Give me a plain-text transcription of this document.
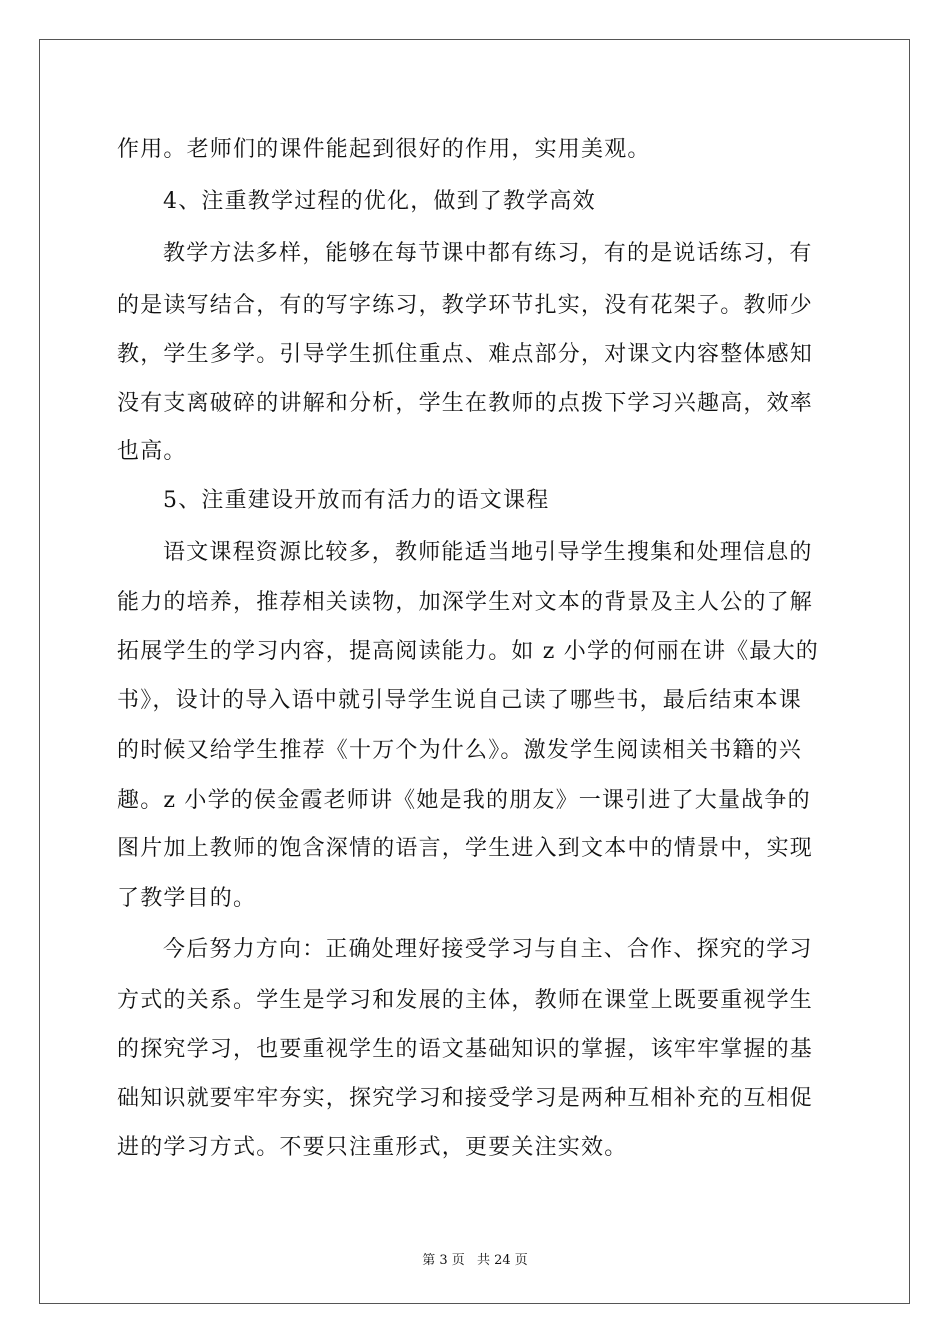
作用。老师们的课件能起到很好的作用，实用美观。
4、注重教学过程的优化，做到了教学高效
教学方法多样，能够在每节课中都有练习，有的是说话练习，有
的是读写结合，有的写字练习，教学环节扎实，没有花架子。教师少
教，学生多学。引导学生抓住重点、难点部分，对课文内容整体感知
没有支离破碎的讲解和分析，学生在教师的点拨下学习兴趣高，效率
也高。
5、注重建设开放而有活力的语文课程
语文课程资源比较多，教师能适当地引导学生搜集和处理信息的
能力的培养，推荐相关读物，加深学生对文本的背景及主人公的了解
拓展学生的学习内容，提高阅读能力。如 z 小学的何丽在讲《最大的
书》，设计的导入语中就引导学生说自己读了哪些书，最后结束本课
的时候又给学生推荐《十万个为什么》。激发学生阅读相关书籍的兴
趣。z 小学的侯金霞老师讲《她是我的朋友》一课引进了大量战争的
图片加上教师的饱含深情的语言，学生进入到文本中的情景中，实现
了教学目的。
今后努力方向：正确处理好接受学习与自主、合作、探究的学习
方式的关系。学生是学习和发展的主体，教师在课堂上既要重视学生
的探究学习，也要重视学生的语文基础知识的掌握，该牢牢掌握的基
础知识就要牢牢夯实，探究学习和接受学习是两种互相补充的互相促
进的学习方式。不要只注重形式，更要关注实效。
第 3 页 共 24 页
